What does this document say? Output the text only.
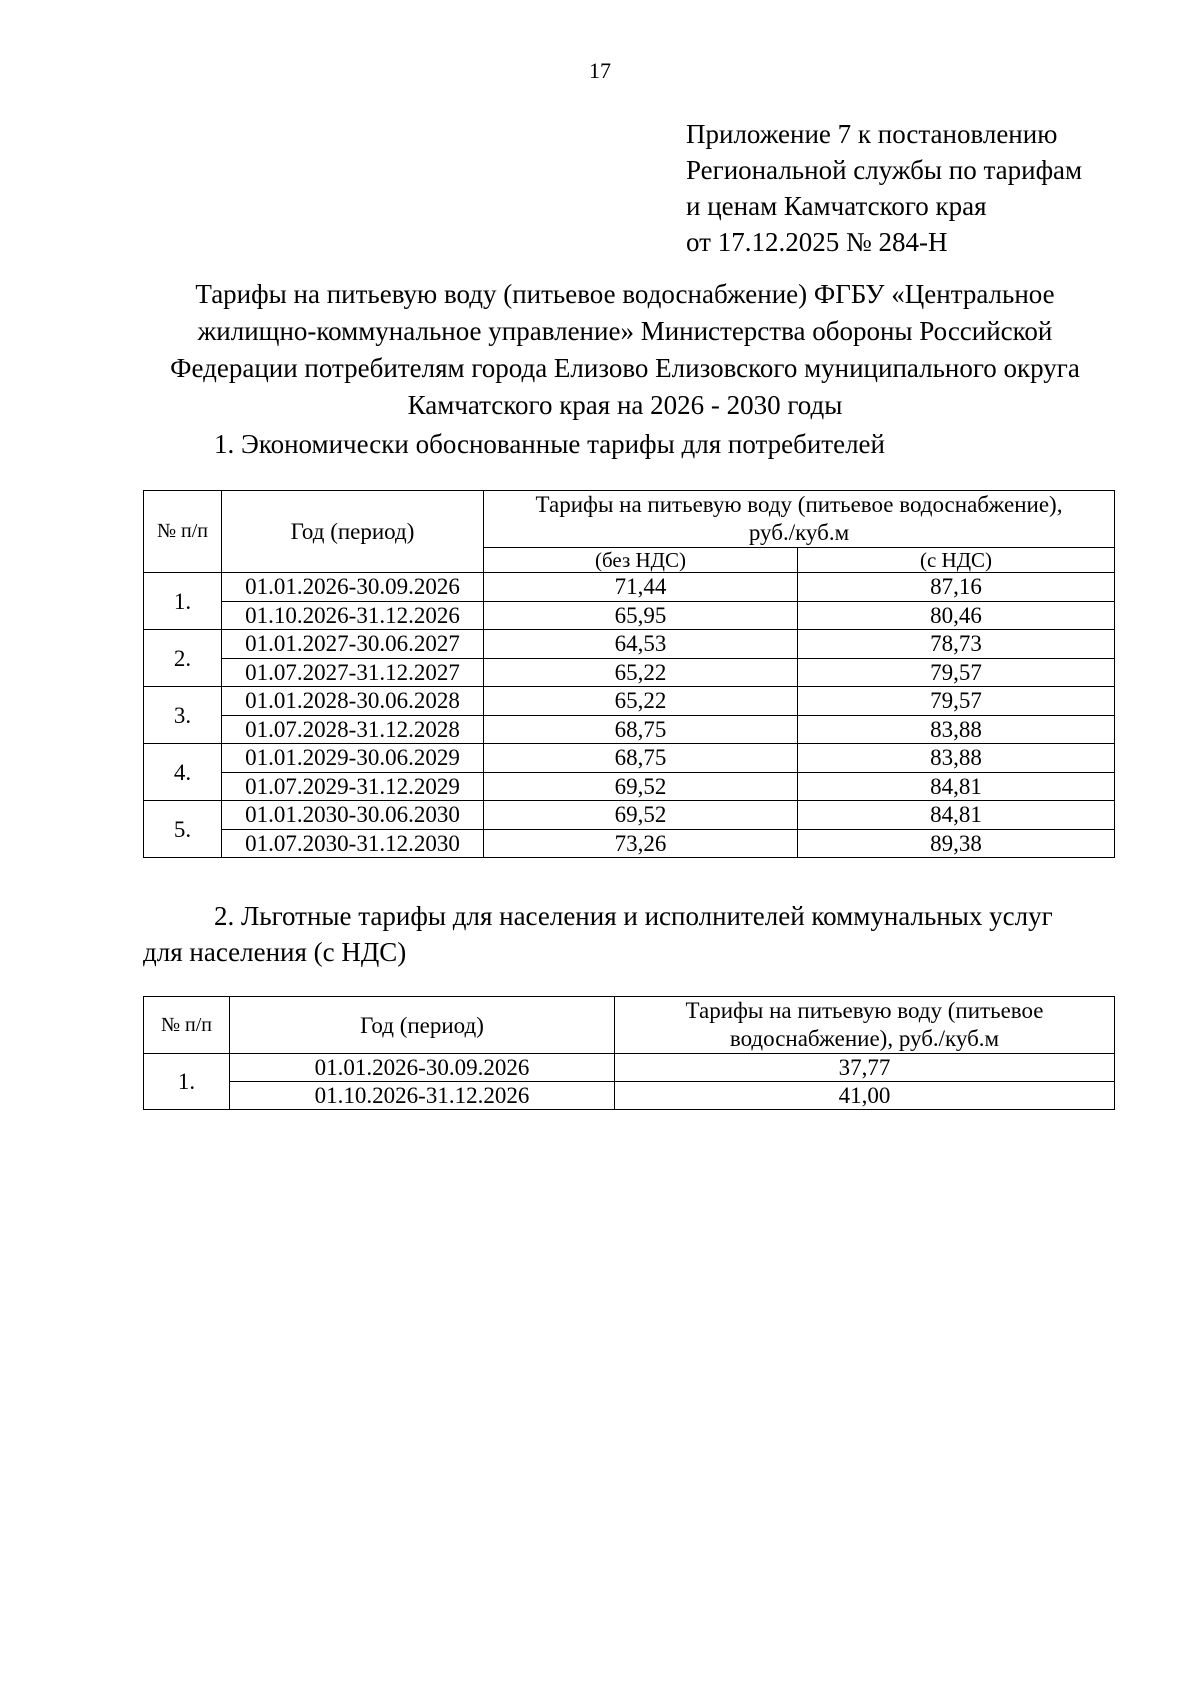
17
Приложение 7 к постановлению
Региональной службы по тарифам
и ценам Камчатского края
от 17.12.2025 № 284-Н
Тарифы на питьевую воду (питьевое водоснабжение) ФГБУ «Центральное
жилищно-коммунальное управление» Министерства обороны Российской
Федерации потребителям города Елизово Елизовского муниципального округа
Камчатского края на 2026 - 2030 годы
1. Экономически обоснованные тарифы для потребителей
№ п/п	Год (период)	Тарифы на питьевую воду (питьевое водоснабжение),
руб./куб.м	

		(без НДС)	(с НДС)
1.	01.01.2026-30.09.2026	71,44	87,16
	01.10.2026-31.12.2026	65,95	80,46
2.	01.01.2027-30.06.2027	64,53	78,73
	01.07.2027-31.12.2027	65,22	79,57
3.	01.01.2028-30.06.2028	65,22	79,57
	01.07.2028-31.12.2028	68,75	83,88
4.	01.01.2029-30.06.2029	68,75	83,88
	01.07.2029-31.12.2029	69,52	84,81
5.	01.01.2030-30.06.2030	69,52	84,81
	01.07.2030-31.12.2030	73,26	89,38
2. Льготные тарифы для населения и исполнителей коммунальных услуг
для населения (с НДС)
№ п/п	Год (период)	Тарифы на питьевую воду (питьевое
водоснабжение), руб./куб.м

1.	01.01.2026-30.09.2026	37,77
	01.10.2026-31.12.2026	41,00
